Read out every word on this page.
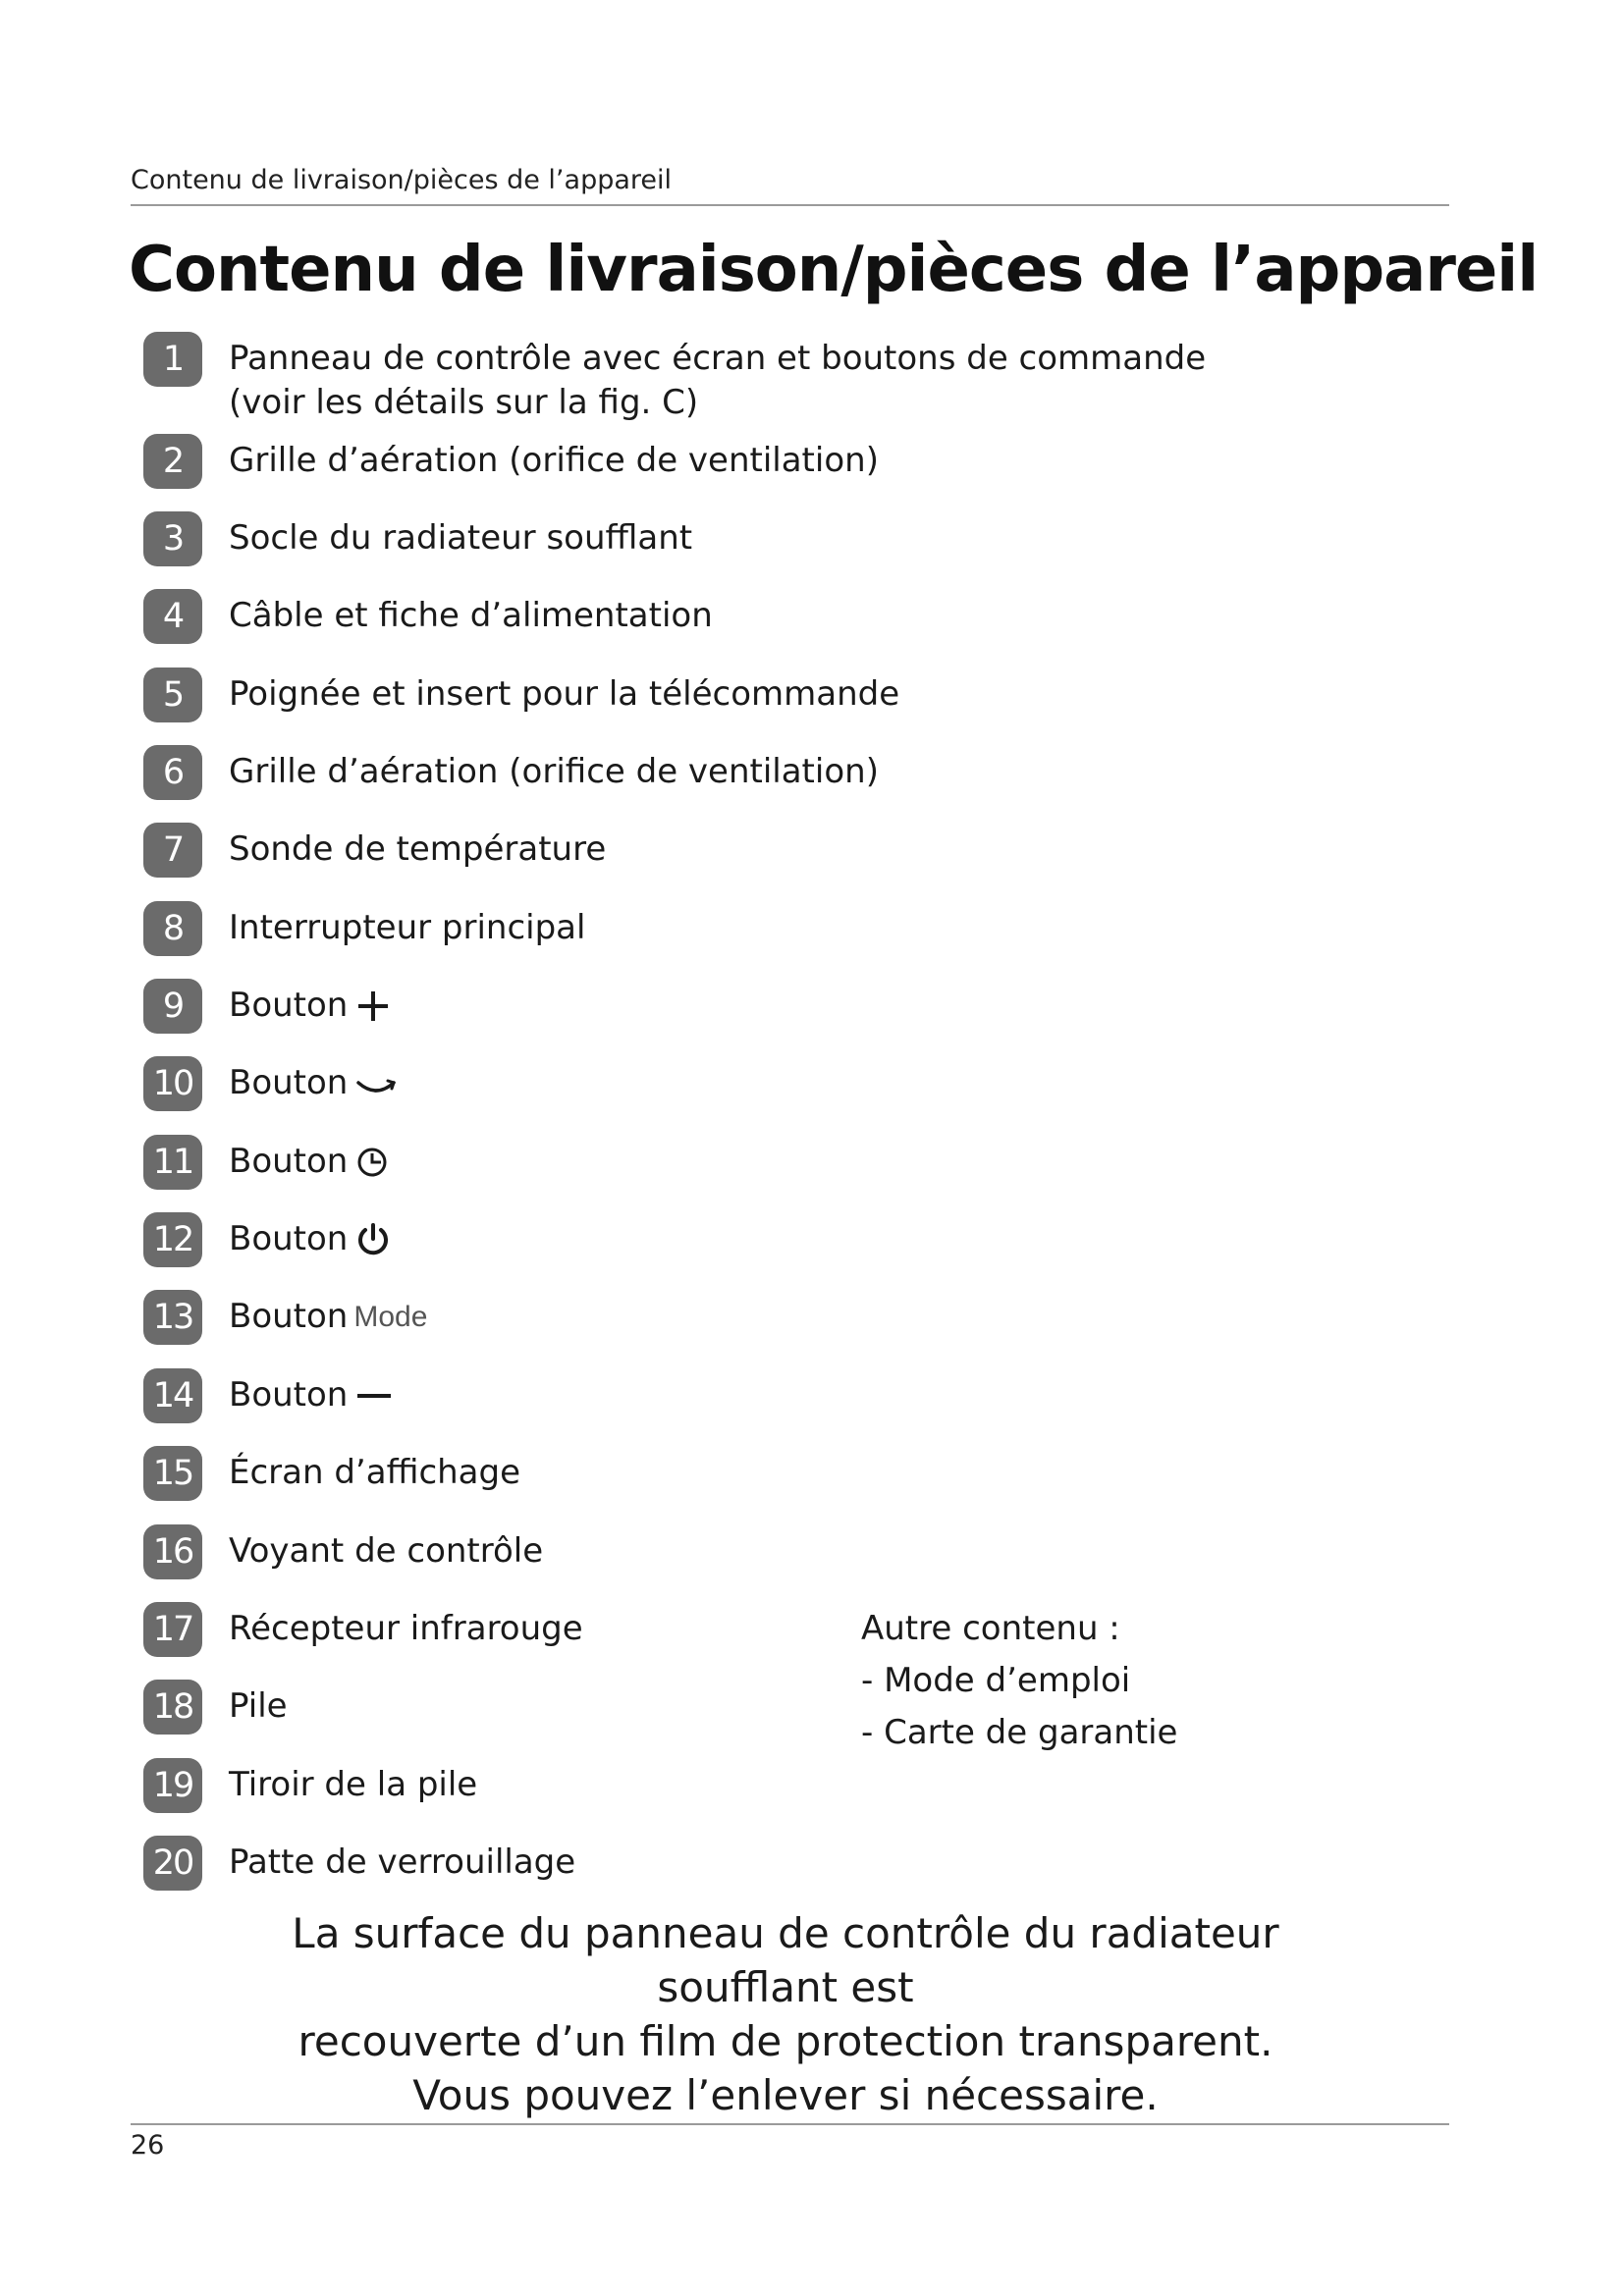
Contenu de livraison/pièces de l’appareil
Contenu de livraison/pièces de l’appareil
1	Panneau de contrôle avec écran et boutons de commande
(voir les détails sur la fig. C)
2	Grille d’aération (orifice de ventilation)
3	Socle du radiateur soufflant
4	Câble et fiche d’alimentation
5	Poignée et insert pour la télécommande
6	Grille d’aération (orifice de ventilation)
7	Sonde de température
8	Interrupteur principal
9	Bouton
10 Bouton
11 Bouton
12 Bouton
13 Bouton Mode
14 Bouton
15 Écran d’affichage
16 Voyant de contrôle
17 Récepteur infrarouge
18 Pile
19 Tiroir de la pile
20 Patte de verrouillage
Autre contenu :
- Mode d’emploi
- Carte de garantie
La surface du panneau de contrôle du radiateur soufflant est
recouverte d’un film de protection transparent.
Vous pouvez l’enlever si nécessaire.
26
